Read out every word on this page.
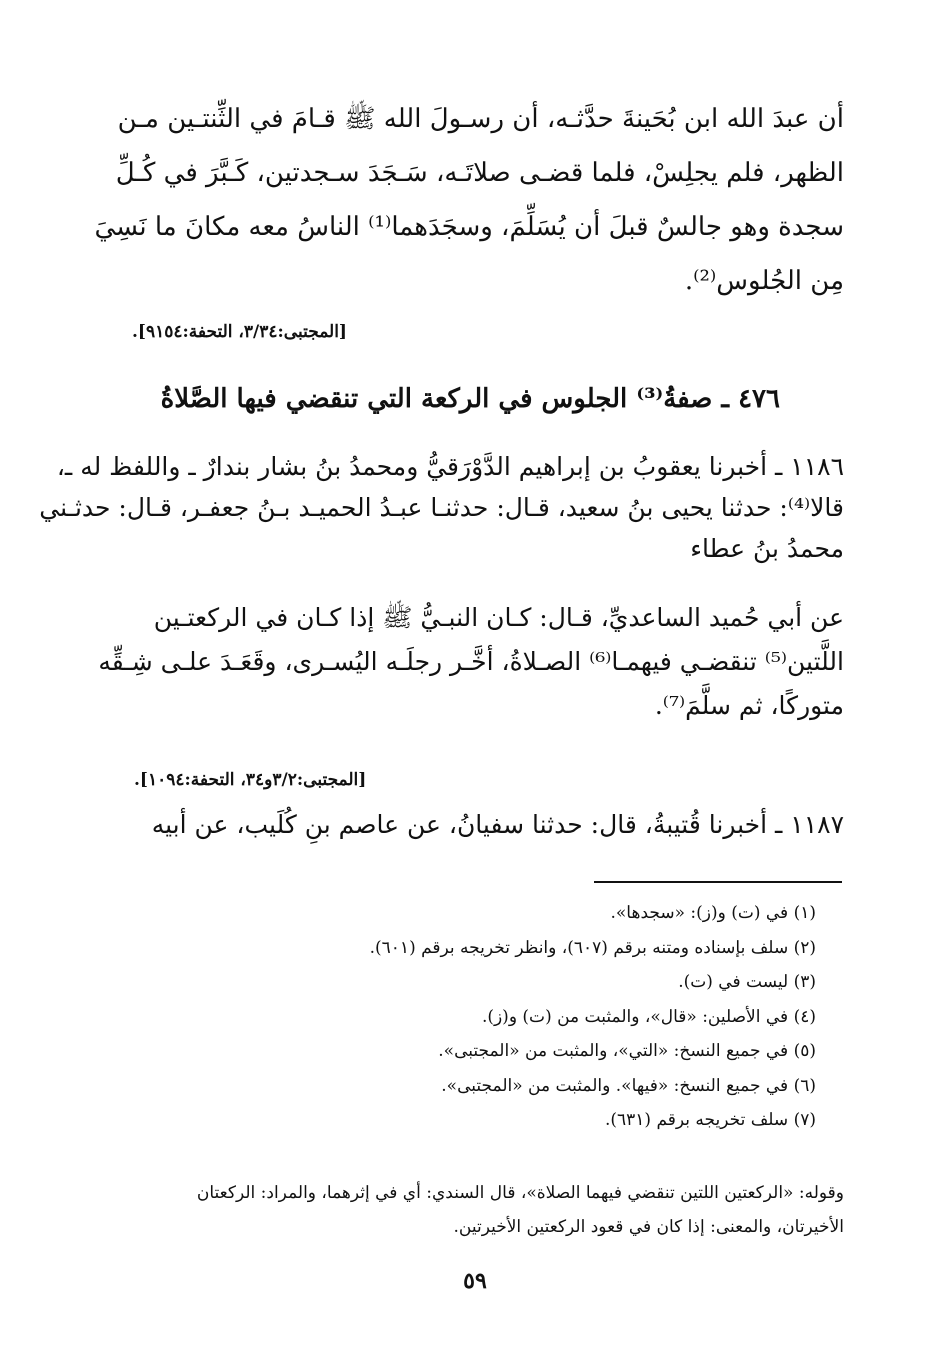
أن عبدَ الله ابن بُحَينةَ حدَّثـه، أن رسـولَ الله ﷺ قـامَ في الثِّنتـين مـن
الظهر، فلم يجلِسْ، فلما قضـى صلاتَـه، سَـجَدَ سـجدتين، كَـبَّرَ في كُـلِّ
سجدة وهو جالسٌ قبلَ أن يُسَلِّمَ، وسجَدَهما⁽¹⁾ الناسُ معه مكانَ ما نَسِيَ
مِن الجُلوس⁽²⁾.
[المجتبى:٣/٣٤، التحفة:٩١٥٤].
٤٧٦ ـ صفةُ⁽³⁾ الجلوس في الركعة التي تنقضي فيها الصَّلاةُ
١١٨٦ ـ أخبرنا يعقوبُ بن إبراهيم الدَّوْرَقيُّ ومحمدُ بنُ بشار بندارٌ ـ واللفظ له ـ،
قالا⁽⁴⁾: حدثنا يحيى بنُ سعيد، قـال: حدثنـا عبـدُ الحميـد بـنُ جعفـر، قـال: حدثـني
محمدُ بنُ عطاء
عن أبي حُميد الساعديِّ، قـال: كـان النبـيُّ ﷺ إذا كـان في الركعتـين
اللَّتين⁽⁵⁾ تنقضـي فيهمـا⁽⁶⁾ الصـلاةُ، أخَّـر رجلَـه اليُسـرى، وقَعَـدَ علـى شِـقِّه
متوركًا، ثم سلَّمَ⁽⁷⁾.
[المجتبى:٣/٢و٣٤، التحفة:١٠٩٤].
١١٨٧ ـ أخبرنا قُتيبةُ، قال: حدثنا سفيانُ، عن عاصم بنِ كُلَيب، عن أبيه
(١) في (ت) و(ز): «سجدها».
(٢) سلف بإسناده ومتنه برقم (٦٠٧)، وانظر تخريجه برقم (٦٠١).
(٣) ليست في (ت).
(٤) في الأصلين: «قال»، والمثبت من (ت) و(ز).
(٥) في جميع النسخ: «التي»، والمثبت من «المجتبى».
(٦) في جميع النسخ: «فيها». والمثبت من «المجتبى».
(٧) سلف تخريجه برقم (٦٣١).
وقوله: «الركعتين اللتين تنقضي فيهما الصلاة»، قال السندي: أي في إثرهما، والمراد: الركعتان
الأخيرتان، والمعنى: إذا كان في قعود الركعتين الأخيرتين.
٥٩
